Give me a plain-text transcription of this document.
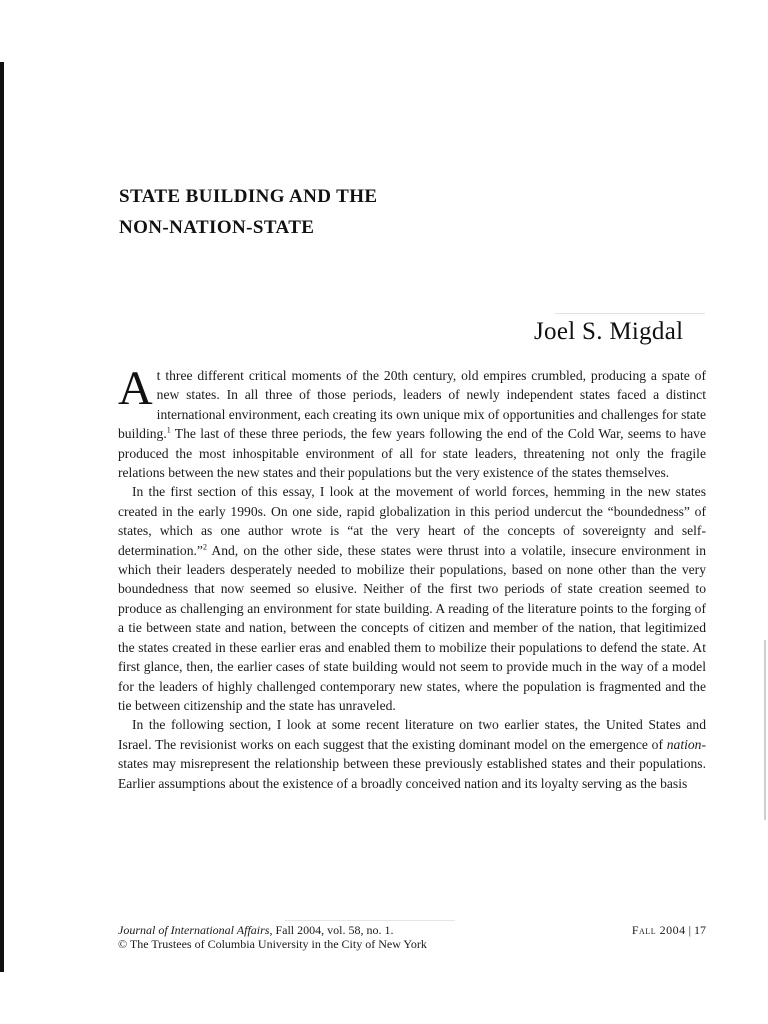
STATE BUILDING AND THE
NON-NATION-STATE
Joel S. Migdal

At three different critical moments of the 20th century, old empires crumbled, producing a spate of new states. In all three of those periods, leaders of newly independent states faced a distinct international environment, each creating its own unique mix of opportunities and challenges for state building.$^1$ The last of these three periods, the few years following the end of the Cold War, seems to have produced the most inhospitable environment of all for state leaders, threatening not only the fragile relations between the new states and their populations but the very existence of the states themselves.

In the first section of this essay, I look at the movement of world forces, hemming in the new states created in the early 1990s. On one side, rapid globalization in this period undercut the “boundedness” of states, which as one author wrote is “at the very heart of the concepts of sovereignty and self-determination.”$^2$ And, on the other side, these states were thrust into a volatile, insecure environment in which their leaders desperately needed to mobilize their populations, based on none other than the very boundedness that now seemed so elusive. Neither of the first two periods of state creation seemed to produce as challenging an environment for state building. A reading of the literature points to the forging of a tie between state and nation, between the concepts of citizen and member of the nation, that legitimized the states created in these earlier eras and enabled them to mobilize their populations to defend the state. At first glance, then, the earlier cases of state building would not seem to provide much in the way of a model for the leaders of highly challenged contemporary new states, where the population is fragmented and the tie between citizenship and the state has unraveled.

In the following section, I look at some recent literature on two earlier states, the United States and Israel. The revisionist works on each suggest that the existing dominant model on the emergence of nation-states may misrepresent the relationship between these previously established states and their populations. Earlier assumptions about the existence of a broadly conceived nation and its loyalty serving as the basis

Journal of International Affairs, Fall 2004, vol. 58, no. 1.
© The Trustees of Columbia University in the City of New York
Fall 2004 | 17
